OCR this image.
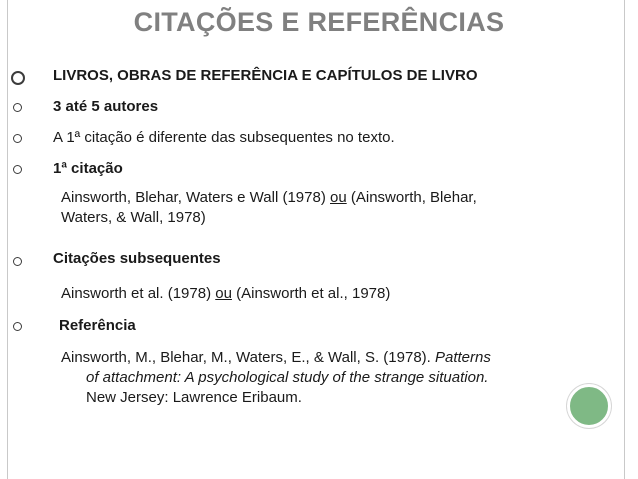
CITAÇÕES E REFERÊNCIAS
LIVROS, OBRAS DE REFERÊNCIA E CAPÍTULOS DE LIVRO
3 até 5 autores
A 1ª citação é diferente das subsequentes no texto.
1ª citação
Ainsworth, Blehar, Waters e Wall (1978) ou (Ainsworth, Blehar,
Waters, & Wall, 1978)
Citações subsequentes
Ainsworth et al. (1978) ou (Ainsworth et al., 1978)
Referência
Ainsworth, M., Blehar, M., Waters, E., & Wall, S. (1978). Patterns
of attachment: A psychological study of the strange situation.
New Jersey: Lawrence Eribaum.
